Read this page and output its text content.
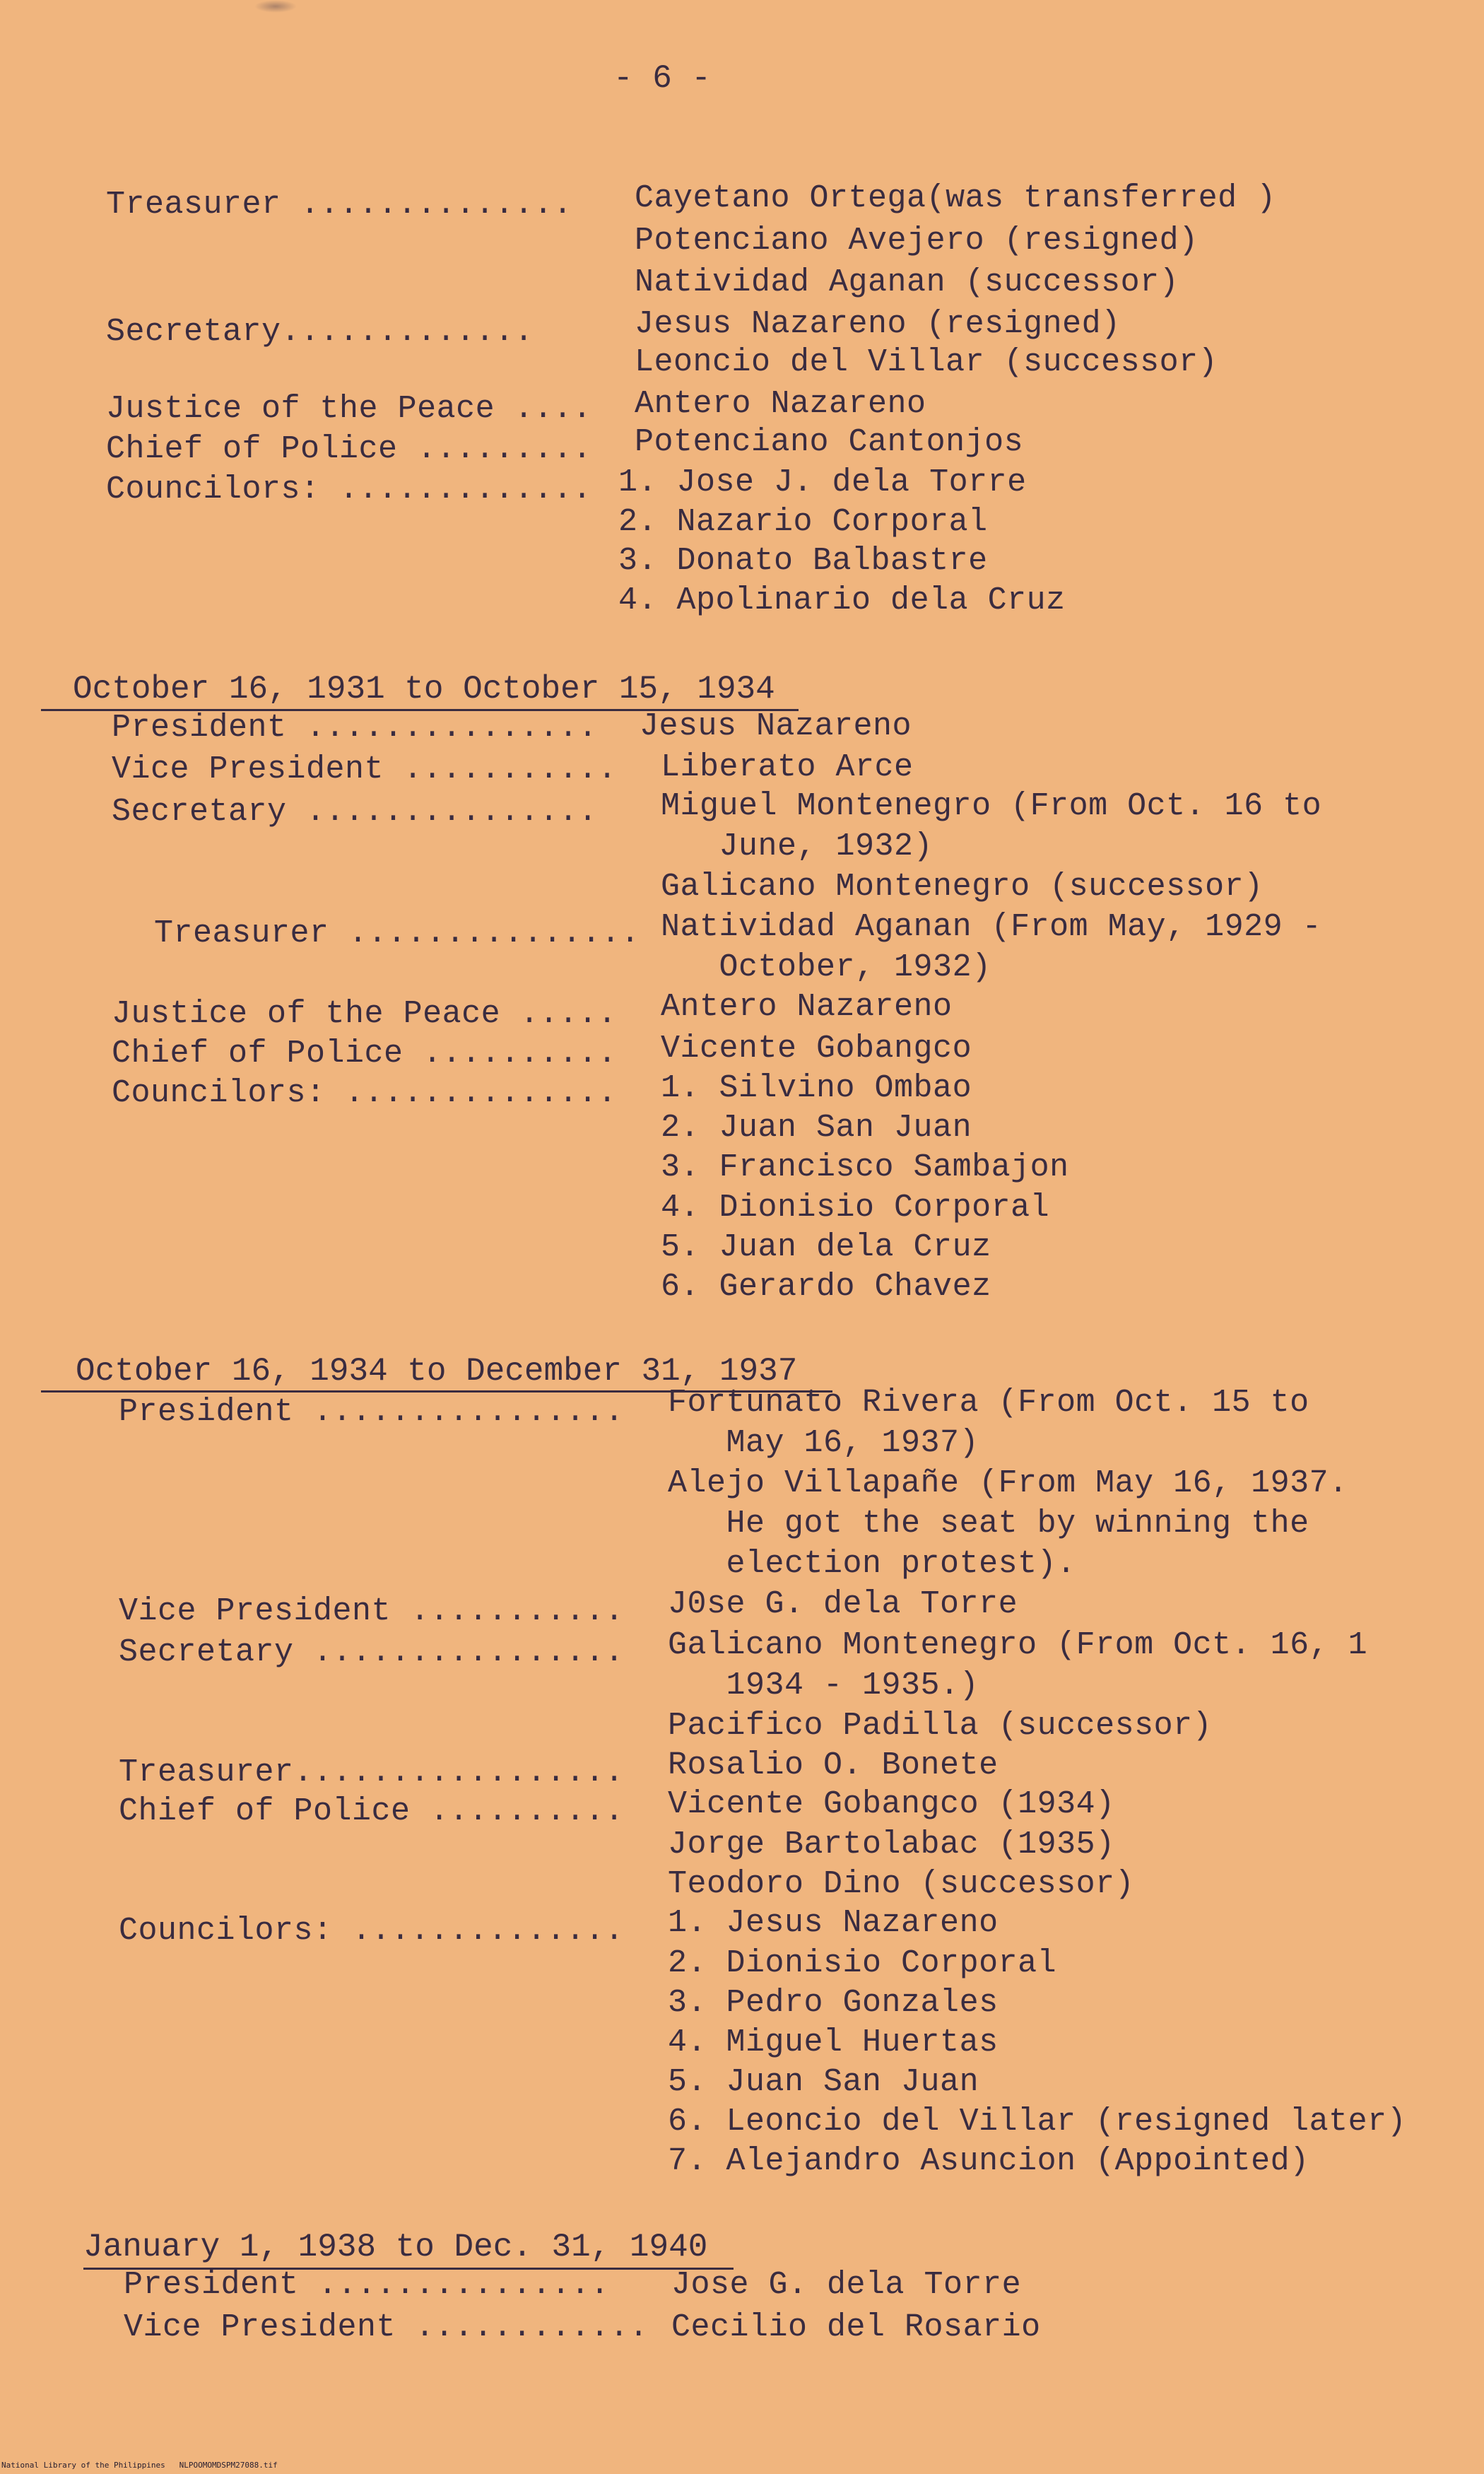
- 6 -
Treasurer .............. Cayetano Ortega(was transferred )
Potenciano Avejero (resigned)
Natividad Aganan (successor)
Secretary.............	Jesus Nazareno (resigned)
Leoncio del Villar (successor)
Justice of the Peace .... Antero Nazareno
Chief of Police ......... Potenciano Cantonjos
Councilors: ............. 1. Jose J. dela Torre
2. Nazario Corporal
3. Donato Balbastre
4. Apolinario dela Cruz
October 16, 1931 to October 15, 1934
President ............... Jesus Nazareno
Vice President ........... Liberato Arce
Secretary ............... Miguel Montenegro (From Oct. 16 to
June, 1932)
Galicano Montenegro (successor)
Treasurer ............... Natividad Aganan (From May, 1929 -
October, 1932)
Justice of the Peace ..... Antero Nazareno
Chief of Police .......... Vicente Gobangco
Councilors: .............. 1. Silvino Ombao
2. Juan San Juan
3. Francisco Sambajon
4. Dionisio Corporal
5. Juan dela Cruz
6. Gerardo Chavez
October 16, 1934 to December 31, 1937
President ................ Fortunato Rivera (From Oct. 15 to
May 16, 1937)
Alejo Villapañe (From May 16, 1937.
He got the seat by winning the
election protest).
Vice President ........... J0se G. dela Torre
Secretary ................ Galicano Montenegro (From Oct. 16, 1
1934 - 1935.)
Pacifico Padilla (successor)
Treasurer................. Rosalio O. Bonete
Chief of Police .......... Vicente Gobangco (1934)
Jorge Bartolabac (1935)
Teodoro Dino (successor)
Councilors: .............. 1. Jesus Nazareno
2. Dionisio Corporal
3. Pedro Gonzales
4. Miguel Huertas
5. Juan San Juan
6. Leoncio del Villar (resigned later)
7. Alejandro Asuncion (Appointed)
January 1, 1938 to Dec. 31, 1940
President ............... Jose G. dela Torre
Vice President ............ Cecilio del Rosario
National Library of the Philippines   NLPOOMOMDSPM27088.tif
